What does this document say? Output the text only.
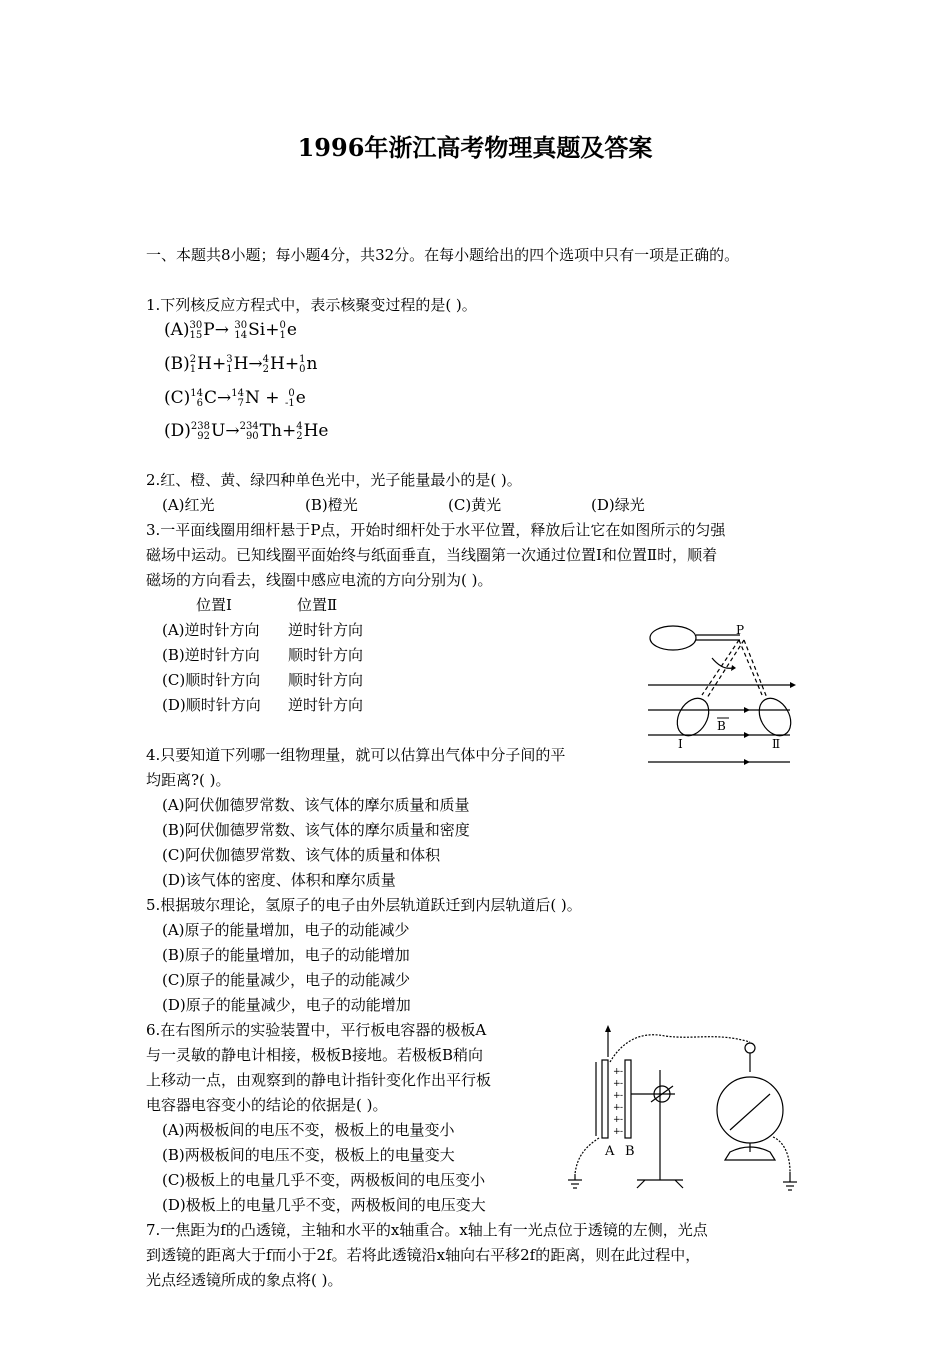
1996年浙江高考物理真题及答案
一、本题共8小题；每小题4分，共32分。在每小题给出的四个选项中只有一项是正确的。
1.下列核反应方程式中，表示核聚变过程的是( )。
(A) 30
15 P→ 30
14 Si+ 0
1 e
(B) 2
1 H+ 3
1 H→ 4
2 H+ 1
0 n
(C) 14
6 C→ 14
7 N + 0
-1 e
(D) 238
92 U→ 234
90 Th+ 4
2 He
2.红、橙、黄、绿四种单色光中，光子能量最小的是( )。
(A)红光	(B)橙光	(C)黄光	(D)绿光
3.一平面线圈用细杆悬于P点，开始时细杆处于水平位置，释放后让它在如图所示的匀强
磁场中运动。已知线圈平面始终与纸面垂直，当线圈第一次通过位置Ⅰ和位置Ⅱ时，顺着
磁场的方向看去，线圈中感应电流的方向分别为( )。
位置Ⅰ	位置Ⅱ
(A)逆时针方向 逆时针方向
(B)逆时针方向 顺时针方向
(C)顺时针方向 顺时针方向
(D)顺时针方向 逆时针方向
P
B
Ⅰ	Ⅱ
4.只要知道下列哪一组物理量，就可以估算出气体中分子间的平
均距离?( )。
(A)阿伏伽德罗常数、该气体的摩尔质量和质量
(B)阿伏伽德罗常数、该气体的摩尔质量和密度
(C)阿伏伽德罗常数、该气体的质量和体积
(D)该气体的密度、体积和摩尔质量
5.根据玻尔理论，氢原子的电子由外层轨道跃迁到内层轨道后( )。
(A)原子的能量增加，电子的动能减少
(B)原子的能量增加，电子的动能增加
(C)原子的能量减少，电子的动能减少
(D)原子的能量减少，电子的动能增加
6.在右图所示的实验装置中，平行板电容器的极板A
与一灵敏的静电计相接，极板B接地。若极板B稍向
上移动一点，由观察到的静电计指针变化作出平行板
电容器电容变小的结论的依据是( )。
(A)两极板间的电压不变，极板上的电量变小
(B)两极板间的电压不变，极板上的电量变大
(C)极板上的电量几乎不变，两极板间的电压变小
(D)极板上的电量几乎不变，两极板间的电压变大
+
+
+
+
+
+
-
-
-
-
-
-
A B
7.一焦距为f的凸透镜，主轴和水平的x轴重合。x轴上有一光点位于透镜的左侧，光点
到透镜的距离大于f而小于2f。若将此透镜沿x轴向右平移2f的距离，则在此过程中，
光点经透镜所成的象点将( )。
